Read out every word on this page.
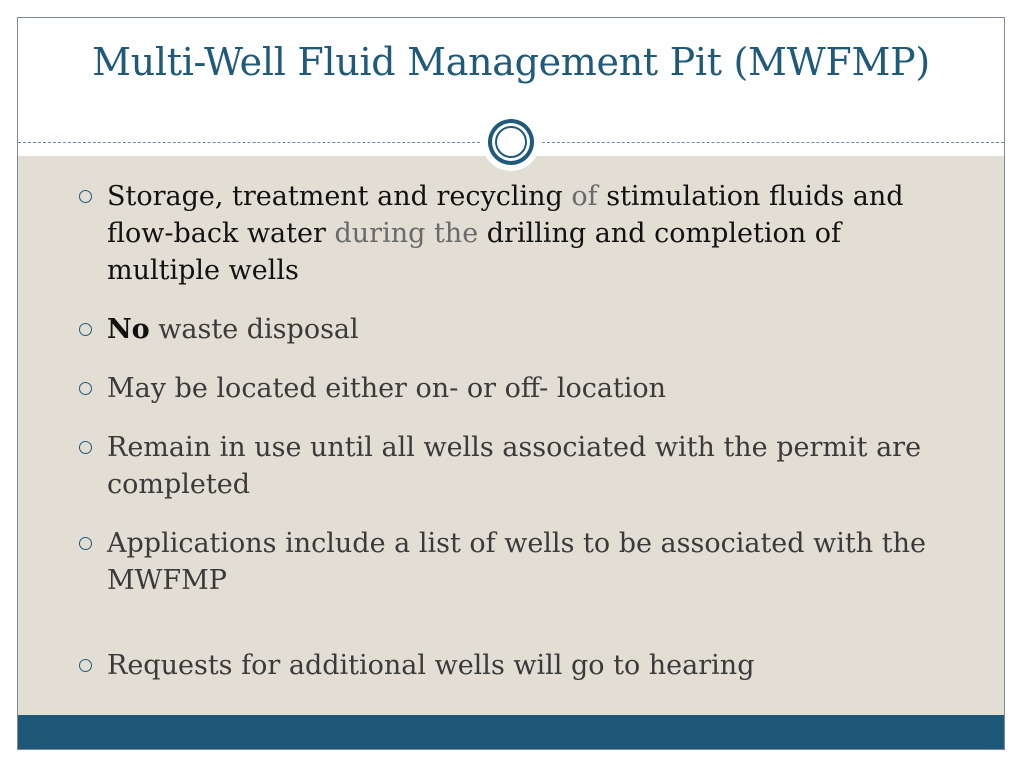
Multi-Well Fluid Management Pit (MWFMP)
Storage, treatment and recycling of stimulation fluids and flow-back water during the drilling and completion of multiple wells
No waste disposal
May be located either on- or off- location
Remain in use until all wells associated with the permit are completed
Applications include a list of wells to be associated with the MWFMP
Requests for additional wells will go to hearing
